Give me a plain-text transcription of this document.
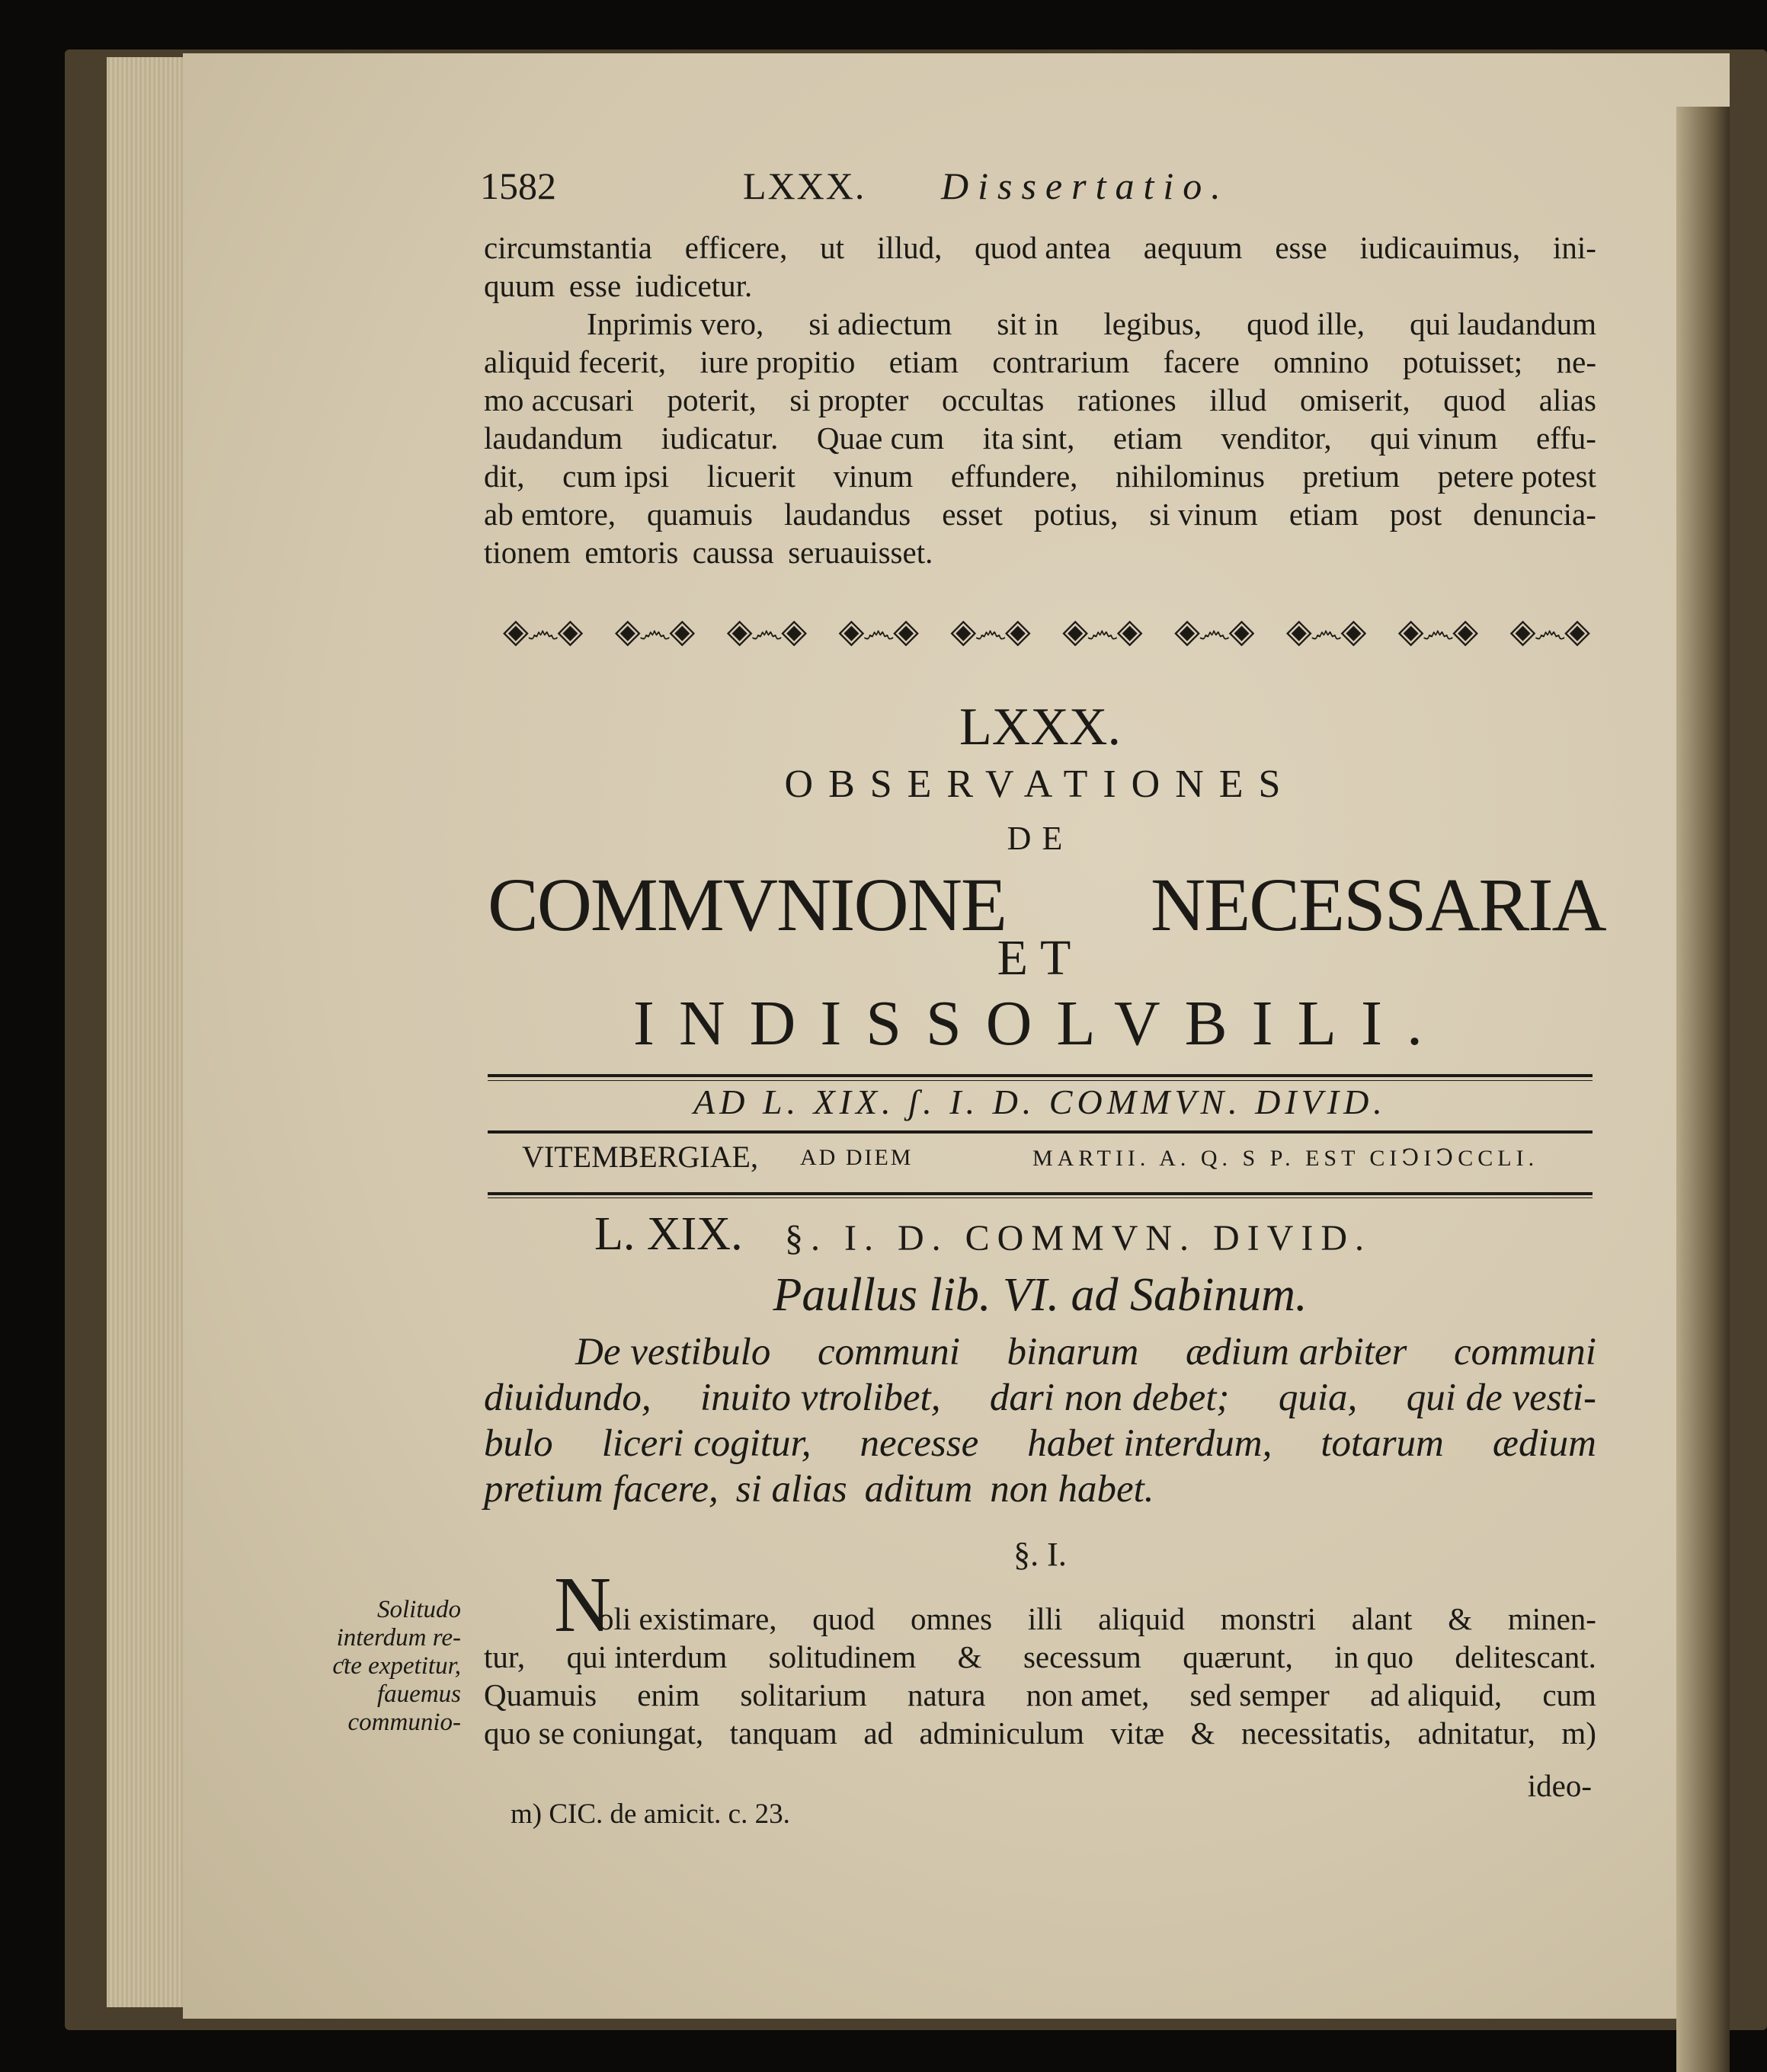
1582	LXXX. Dissertatio.
circumstantia efficere, ut illud, quod antea aequum esse iudicauimus, ini-
quum esse iudicetur.
Inprimis vero, si adiectum sit in legibus, quod ille, qui laudandum
aliquid fecerit, iure propitio etiam contrarium facere omnino potuisset; ne-
mo accusari poterit, si propter occultas rationes illud omiserit, quod alias
laudandum iudicatur. Quae cum ita sint, etiam venditor, qui vinum effu-
dit, cum ipsi licuerit vinum effundere, nihilominus pretium petere potest
ab emtore, quamuis laudandus esset potius, si vinum etiam post denuncia-
tionem emtoris caussa seruauisset.
◈෴◈ ◈෴◈ ◈෴◈ ◈෴◈ ◈෴◈ ◈෴◈ ◈෴◈ ◈෴◈ ◈෴◈ ◈෴◈
LXXX.
OBSERVATIONES
DE
COMMVNIONE NECESSARIA
ET
INDISSOLVBILI.
AD L. XIX. ʃ. I. D. COMMVN. DIVID.
VITEMBERGIAE, AD DIEM	MARTII. A. Q. S P. EST CIↃIↃCCLI.
L. XIX. §. I. D. COMMVN. DIVID.
Paullus lib. VI. ad Sabinum.
De vestibulo communi binarum ædium arbiter communi
diuidundo, inuito vtrolibet, dari non debet; quia, qui de vesti-
bulo liceri cogitur, necesse habet interdum, totarum ædium
pretium facere, si alias aditum non habet.
§. I.
N
oli existimare, quod omnes illi aliquid monstri alant & minen-
tur, qui interdum solitudinem & secessum quærunt, in quo delitescant.
Quamuis enim solitarium natura non amet, sed semper ad aliquid, cum
quo se coniungat, tanquam ad adminiculum vitæ & necessitatis, adnitatur, m)
ideo-
Solitudo
interdum re-
ƈte expetitur,
fauemus
communio-
m) CIC. de amicit. c. 23.
